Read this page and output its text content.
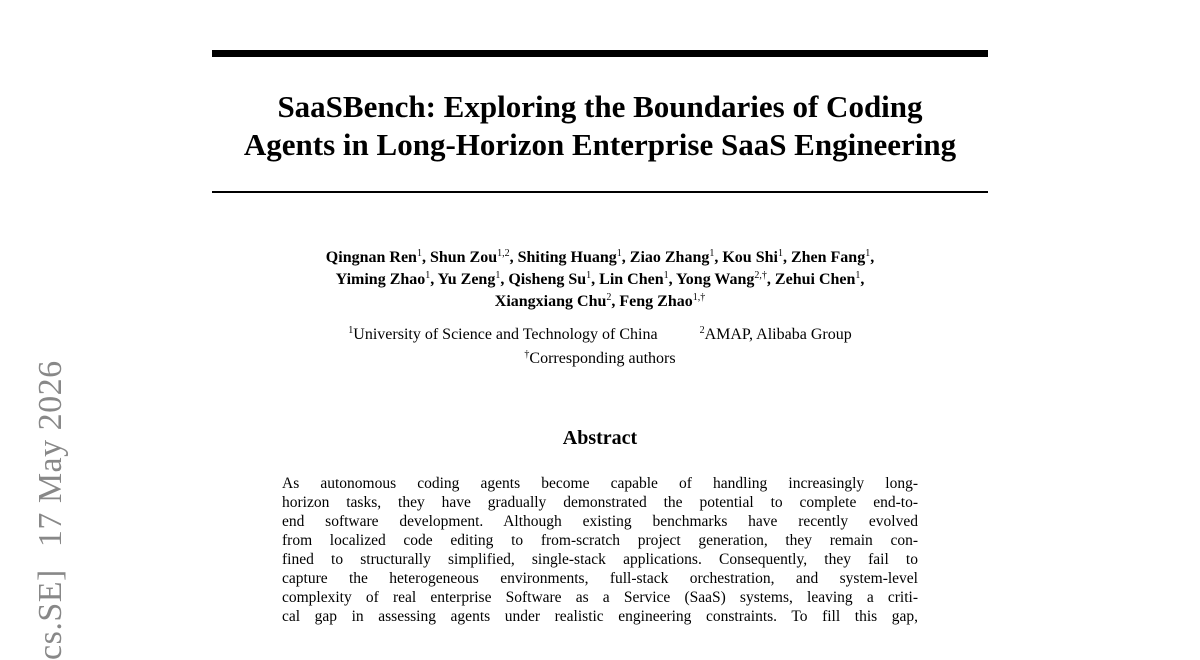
SaaSBench: Exploring the Boundaries of Coding
Agents in Long-Horizon Enterprise SaaS Engineering
Qingnan Ren$^1$, Shun Zou$^{1,2}$, Shiting Huang$^1$, Ziao Zhang$^1$, Kou Shi$^1$, Zhen Fang$^1$,
Yiming Zhao$^1$, Yu Zeng$^1$, Qisheng Su$^1$, Lin Chen$^1$, Yong Wang$^{2,\dagger}$, Zehui Chen$^1$,
Xiangxiang Chu$^2$, Feng Zhao$^{1,\dagger}$
$^1$University of Science and Technology of China	$^2$AMAP, Alibaba Group
†Corresponding authors
Abstract
As autonomous coding agents become capable of handling increasingly long-
horizon tasks, they have gradually demonstrated the potential to complete end-to-
end software development. Although existing benchmarks have recently evolved
from localized code editing to from-scratch project generation, they remain con-
fined to structurally simplified, single-stack applications. Consequently, they fail to
capture the heterogeneous environments, full-stack orchestration, and system-level
complexity of real enterprise Software as a Service (SaaS) systems, leaving a criti-
cal gap in assessing agents under realistic engineering constraints. To fill this gap,
cs.SE]17 May 2026
